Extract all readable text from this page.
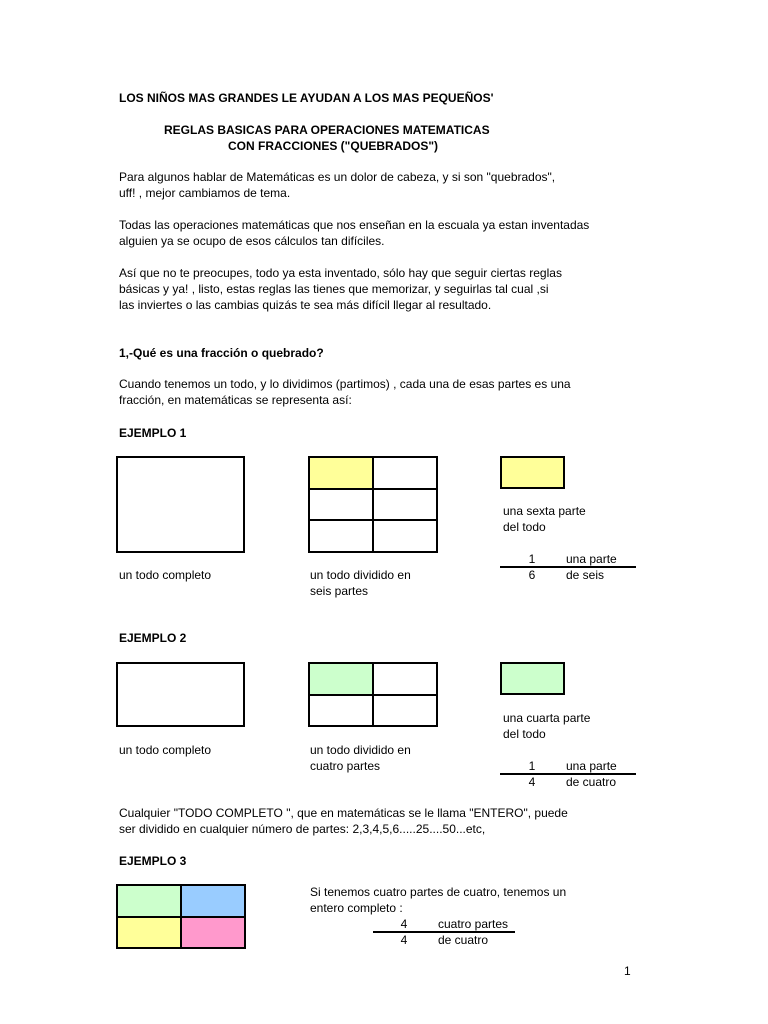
LOS NIÑOS MAS GRANDES LE AYUDAN A LOS MAS PEQUEÑOS'
REGLAS BASICAS PARA OPERACIONES MATEMATICAS
CON FRACCIONES ("QUEBRADOS")
Para algunos hablar de Matemáticas es un dolor de cabeza, y si son "quebrados",
uff! , mejor cambiamos de tema.
Todas las operaciones matemáticas que nos enseñan en la escuala ya estan inventadas
alguien ya se ocupo de esos cálculos tan difíciles.
Así que no te preocupes, todo ya esta inventado, sólo hay que seguir ciertas reglas
básicas y ya! , listo, estas reglas las tienes que memorizar, y seguirlas tal cual ,si
las inviertes o las cambias quizás te sea más difícil llegar al resultado.
1,-Qué es una fracción o quebrado?
Cuando tenemos un todo, y lo dividimos (partimos) , cada una de esas partes es una
fracción, en matemáticas se representa así:
EJEMPLO 1
una sexta parte
del todo
1	una parte
6	de seis
un todo completo	un todo dividido en
seis partes
EJEMPLO 2
una cuarta parte
del todo
un todo completo	un todo dividido en
cuatro partes	1	una parte
4	de cuatro
Cualquier "TODO COMPLETO ", que en matemáticas se le llama "ENTERO", puede
ser dividido en cualquier número de partes: 2,3,4,5,6.....25....50...etc,
EJEMPLO 3
Si tenemos cuatro partes de cuatro, tenemos un
entero completo :
4	cuatro partes
4	de cuatro
1
